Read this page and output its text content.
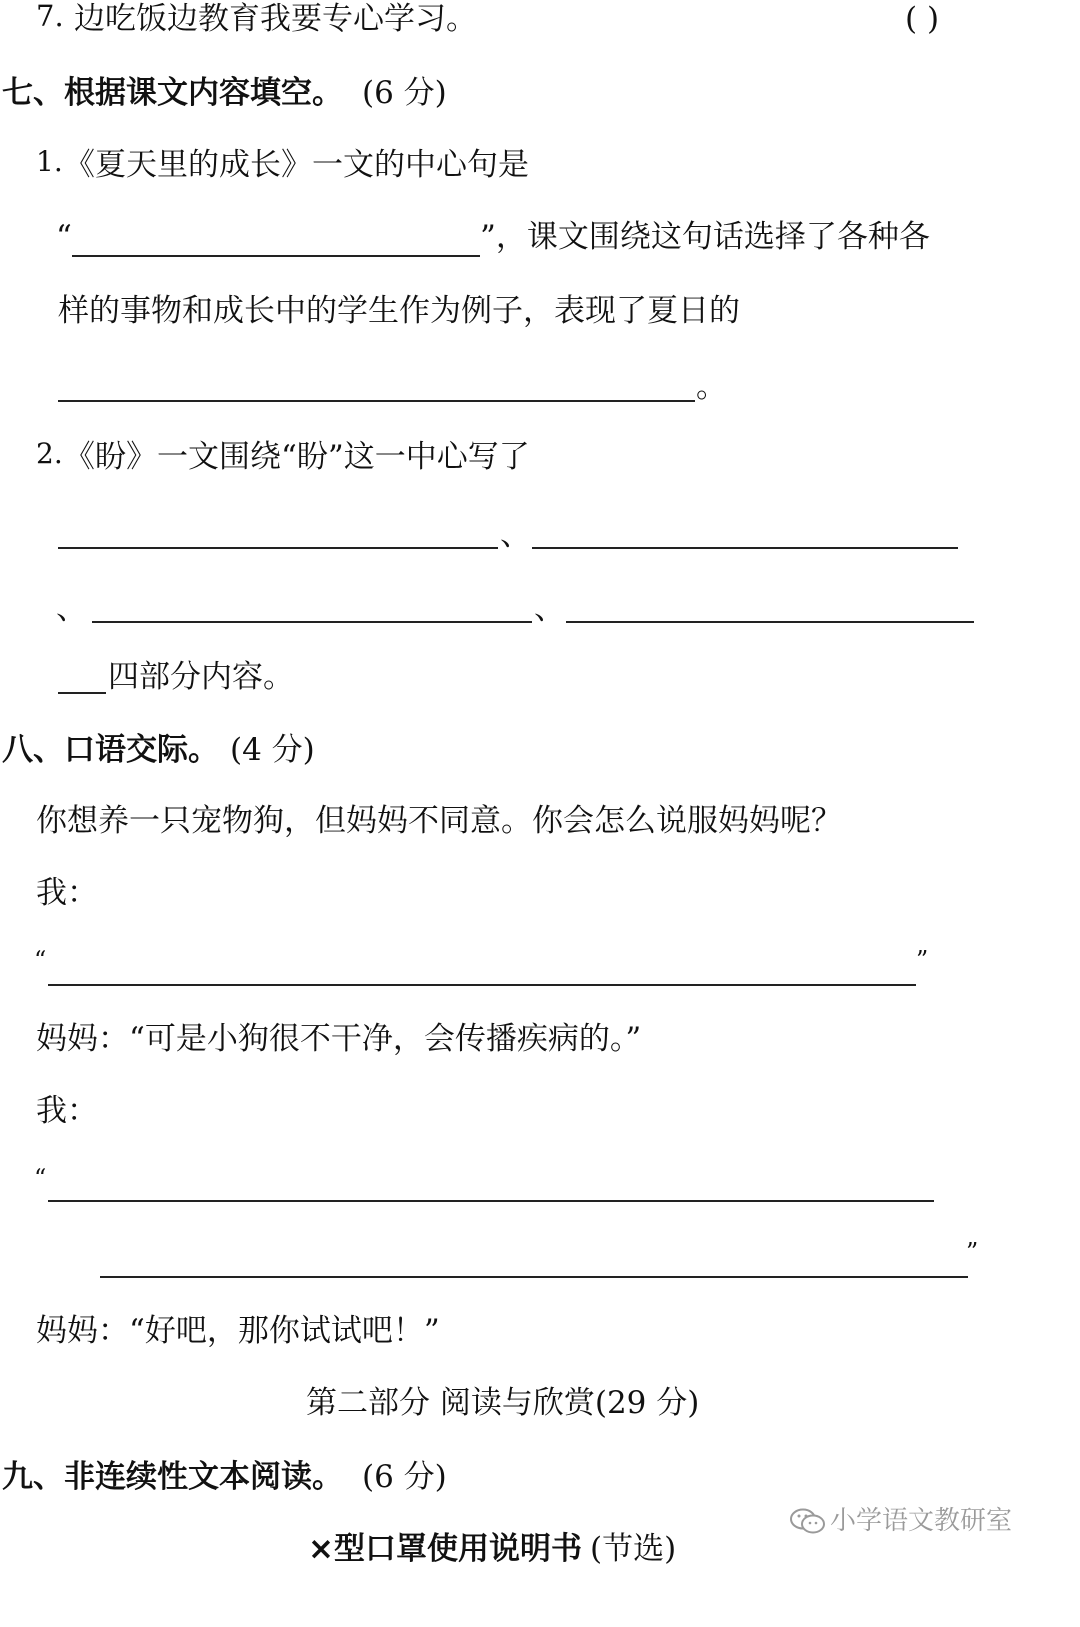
7. 边吃饭边教育我要专心学习。	( )
七、根据课文内容填空。 (6 分)
1. 《夏天里的成长》一文的中心句是
“	”，课文围绕这句话选择了各种各
样的事物和成长中的学生作为例子，表现了夏日的
。
2. 《盼》一文围绕“盼”这一中心写了
、
、	、
四部分内容。
八、口语交际。 (4 分)
你想养一只宠物狗，但妈妈不同意。你会怎么说服妈妈呢？
我：
“	”
妈妈：“可是小狗很不干净，会传播疾病的。”
我：
“
”
妈妈：“好吧，那你试试吧！”
第二部分 阅读与欣赏(29 分)
九、非连续性文本阅读。 (6 分)
×型口罩使用说明书 (节选)
小学语文教研室
